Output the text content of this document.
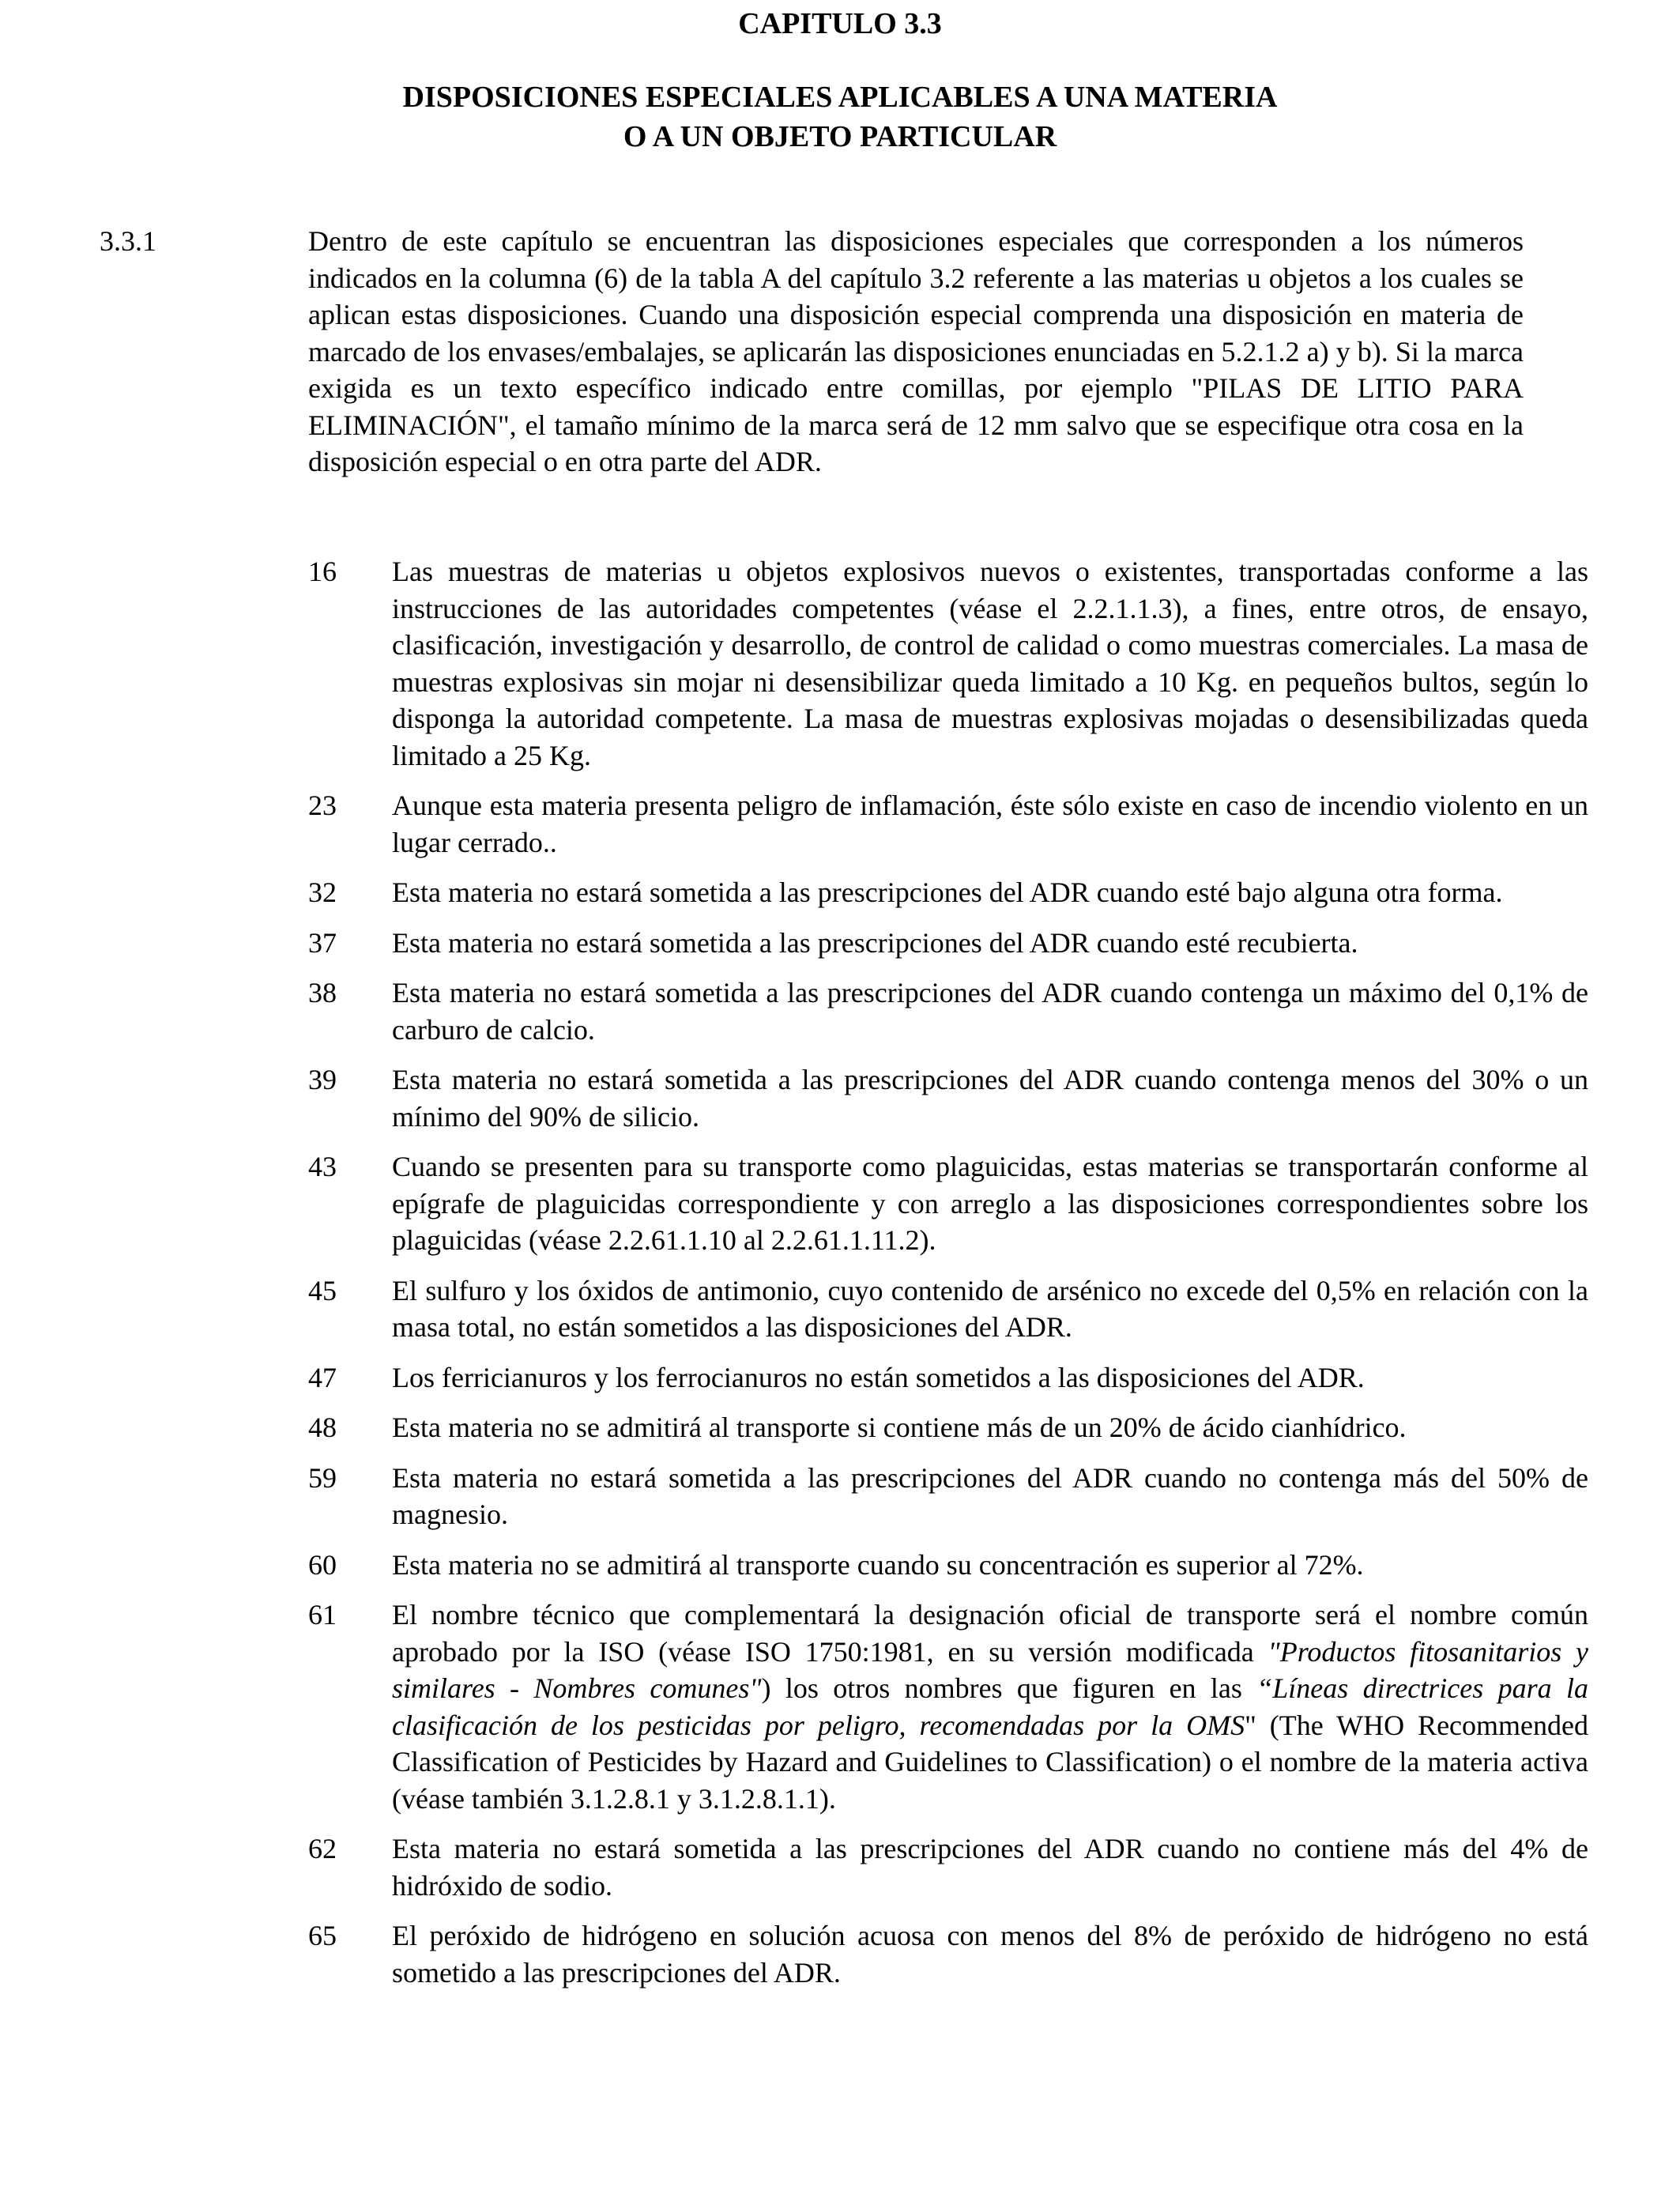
CAPITULO 3.3
DISPOSICIONES ESPECIALES APLICABLES A UNA MATERIA
O A UN OBJETO PARTICULAR
3.3.1	Dentro de este capítulo se encuentran las disposiciones especiales que corresponden a los números indicados en la columna (6) de la tabla A del capítulo 3.2 referente a las materias u objetos a los cuales se aplican estas disposiciones. Cuando una disposición especial comprenda una disposición en materia de marcado de los envases/embalajes, se aplicarán las disposiciones enunciadas en 5.2.1.2 a) y b). Si la marca exigida es un texto específico indicado entre comillas, por ejemplo "PILAS DE LITIO PARA ELIMINACIÓN", el tamaño mínimo de la marca será de 12 mm salvo que se especifique otra cosa en la disposición especial o en otra parte del ADR.

16	Las muestras de materias u objetos explosivos nuevos o existentes, transportadas conforme a las instrucciones de las autoridades competentes (véase el 2.2.1.1.3), a fines, entre otros, de ensayo, clasificación, investigación y desarrollo, de control de calidad o como muestras comerciales. La masa de muestras explosivas sin mojar ni desensibilizar queda limitado a 10 Kg. en pequeños bultos, según lo disponga la autoridad competente. La masa de muestras explosivas mojadas o desensibilizadas queda limitado a 25 Kg.

23	Aunque esta materia presenta peligro de inflamación, éste sólo existe en caso de incendio violento en un lugar cerrado..

32	Esta materia no estará sometida a las prescripciones del ADR cuando esté bajo alguna otra forma.

37	Esta materia no estará sometida a las prescripciones del ADR cuando esté recubierta.

38	Esta materia no estará sometida a las prescripciones del ADR cuando contenga un máximo del 0,1% de carburo de calcio.

39	Esta materia no estará sometida a las prescripciones del ADR cuando contenga menos del 30% o un mínimo del 90% de silicio.

43	Cuando se presenten para su transporte como plaguicidas, estas materias se transportarán conforme al epígrafe de plaguicidas correspondiente y con arreglo a las disposiciones correspondientes sobre los plaguicidas (véase 2.2.61.1.10 al 2.2.61.1.11.2).

45	El sulfuro y los óxidos de antimonio, cuyo contenido de arsénico no excede del 0,5% en relación con la masa total, no están sometidos a las disposiciones del ADR.

47	Los ferricianuros y los ferrocianuros no están sometidos a las disposiciones del ADR.

48	Esta materia no se admitirá al transporte si contiene más de un 20% de ácido cianhídrico.

59	Esta materia no estará sometida a las prescripciones del ADR cuando no contenga más del 50% de magnesio.

60	Esta materia no se admitirá al transporte cuando su concentración es superior al 72%.

61	El nombre técnico que complementará la designación oficial de transporte será el nombre común aprobado por la ISO (véase ISO 1750:1981, en su versión modificada "Productos fitosanitarios y similares - Nombres comunes") los otros nombres que figuren en las “Líneas directrices para la clasificación de los pesticidas por peligro, recomendadas por la OMS" (The WHO Recommended Classification of Pesticides by Hazard and Guidelines to Classification) o el nombre de la materia activa (véase también 3.1.2.8.1 y 3.1.2.8.1.1).

62	Esta materia no estará sometida a las prescripciones del ADR cuando no contiene más del 4% de hidróxido de sodio.

65	El peróxido de hidrógeno en solución acuosa con menos del 8% de peróxido de hidrógeno no está sometido a las prescripciones del ADR.
